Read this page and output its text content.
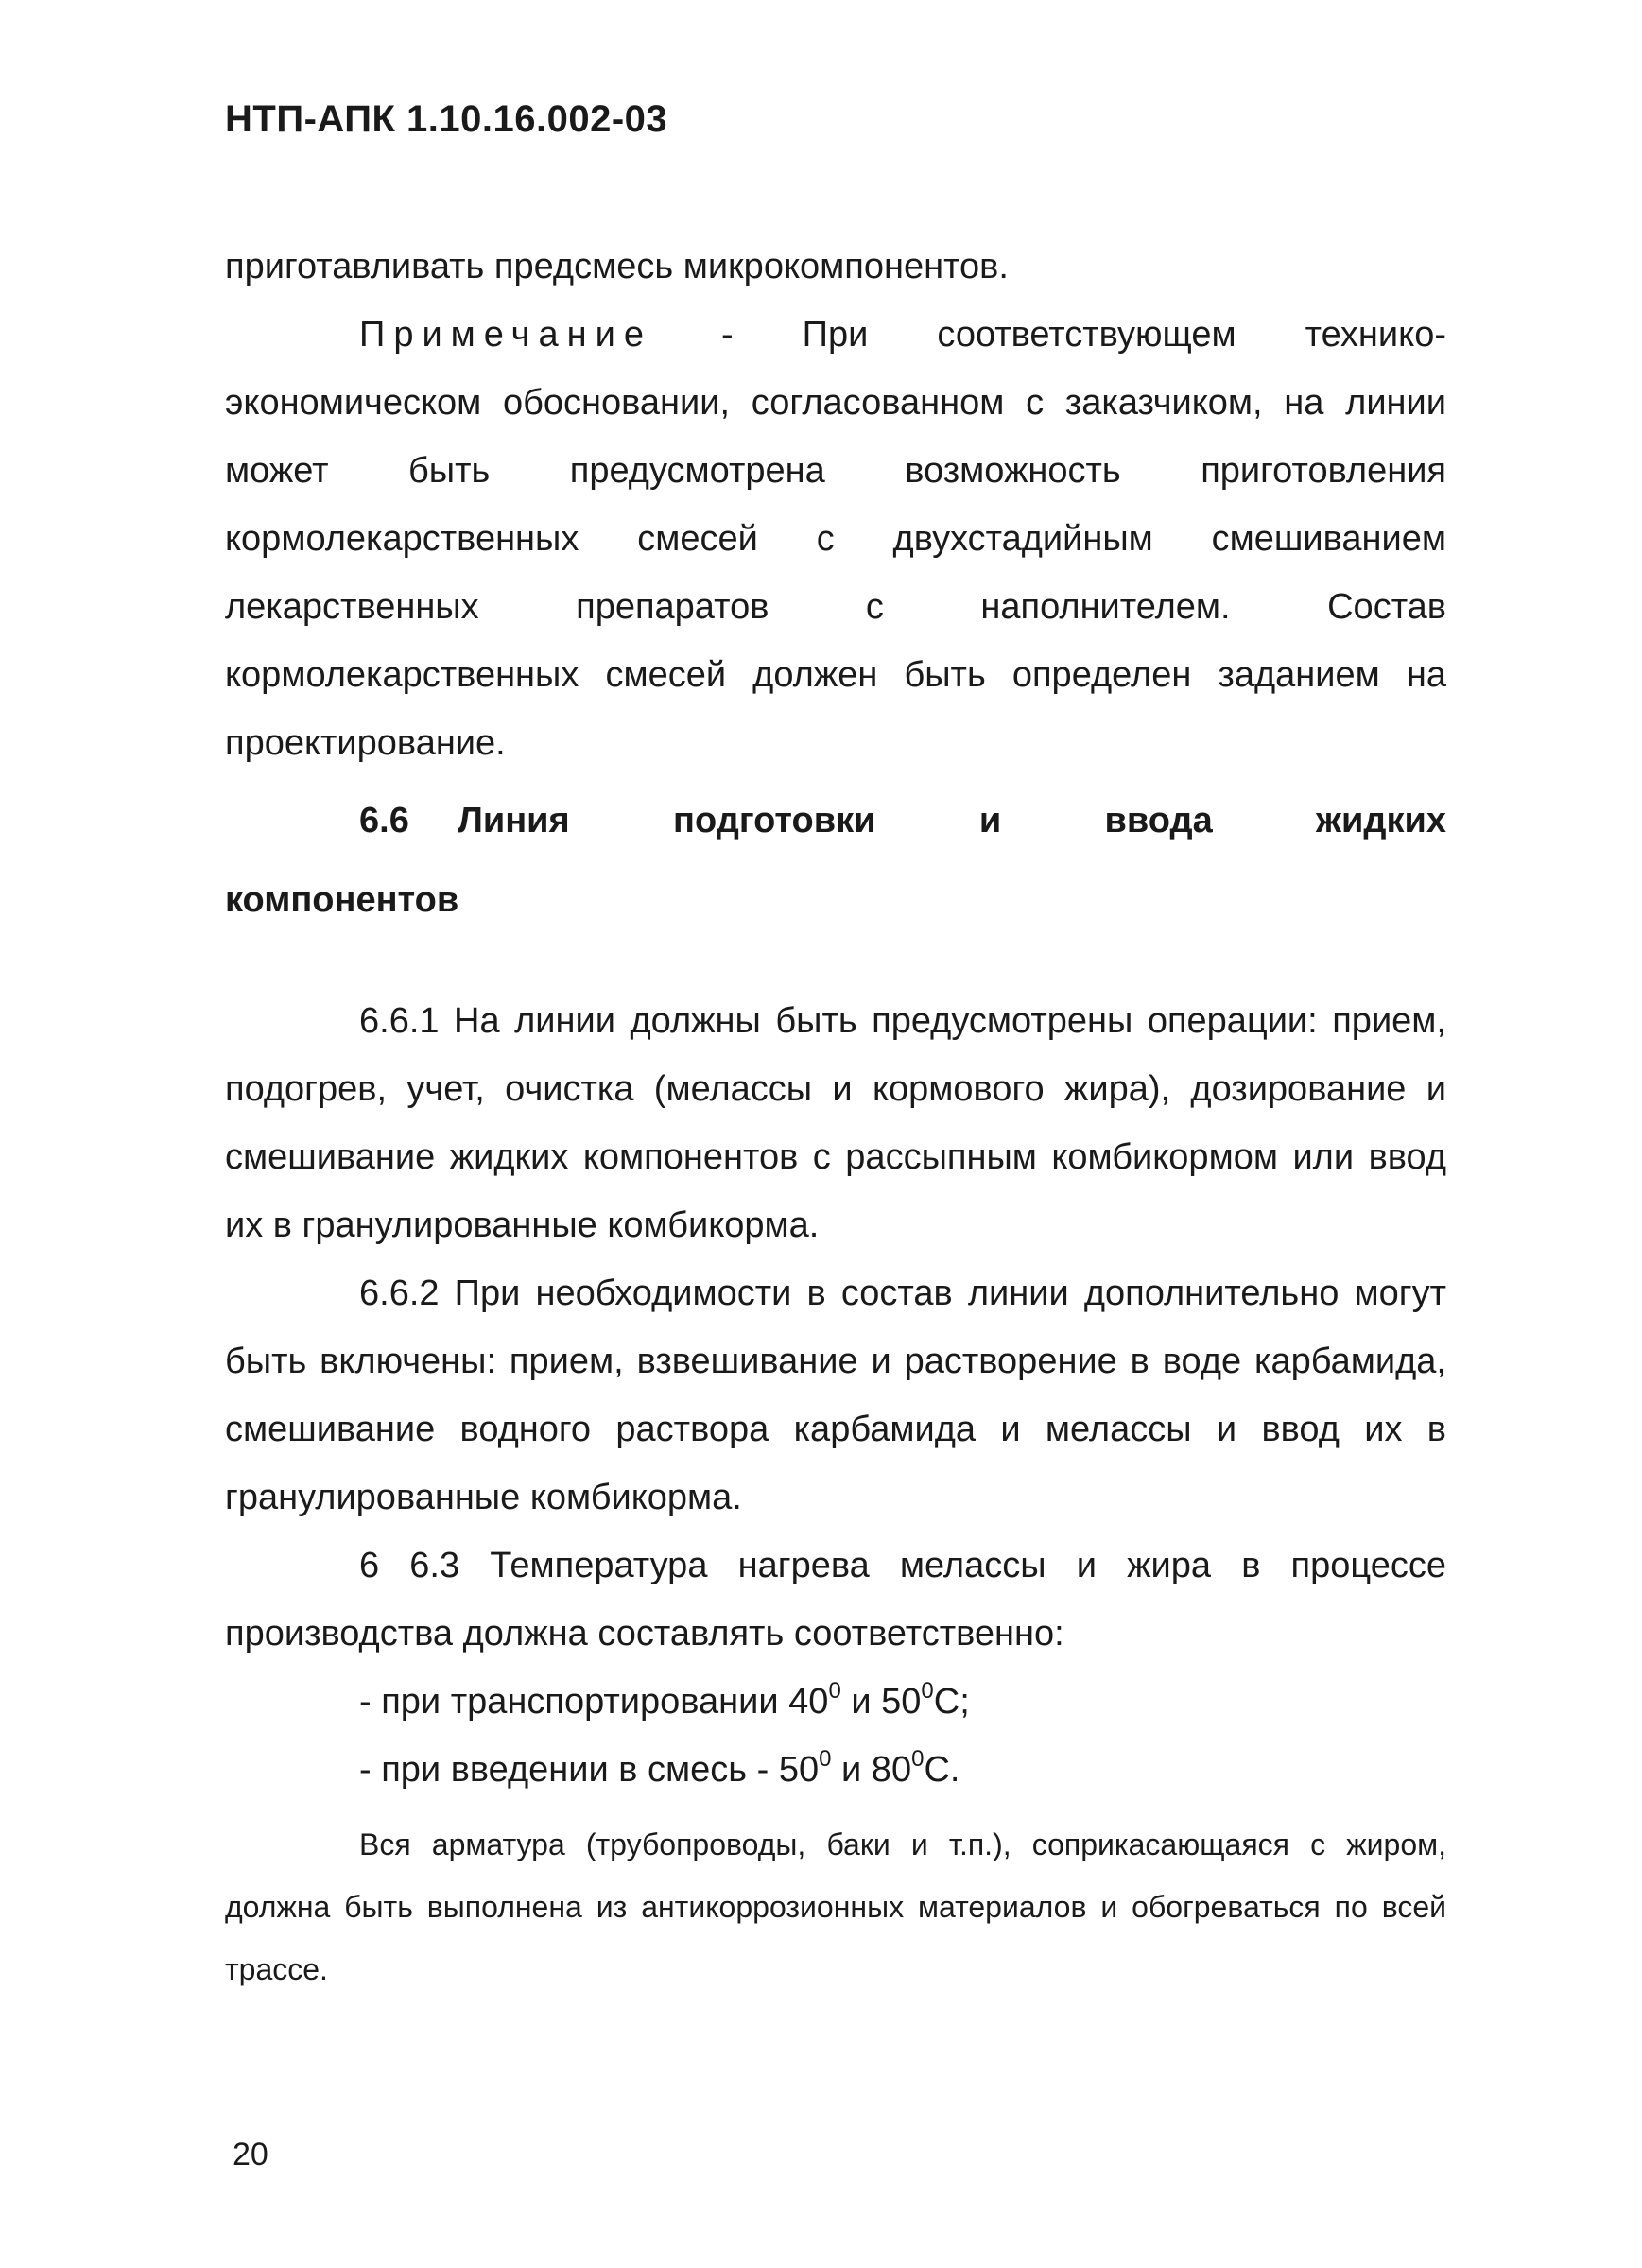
НТП-АПК 1.10.16.002-03
приготавливать предсмесь микрокомпонентов.
Примечание - При соответствующем технико-экономическом обосновании, согласованном с заказчиком, на линии может быть предусмотрена возможность приготовления кормолекарственных смесей с двухстадийным смешиванием лекарственных препаратов с наполнителем. Состав кормолекарственных смесей должен быть определен заданием на проектирование.
6.6 Линия подготовки и ввода жидких компонентов
6.6.1 На линии должны быть предусмотрены операции: прием, подогрев, учет, очистка (мелассы и кормового жира), дозирование и смешивание жидких компонентов с рассыпным комбикормом или ввод их в гранулированные комбикорма.
6.6.2 При необходимости в состав линии дополнительно могут быть включены: прием, взвешивание и растворение в воде карбамида, смешивание водного раствора карбамида и мелассы и ввод их в гранулированные комбикорма.
6 6.3 Температура нагрева мелассы и жира в процессе производства должна составлять соответственно:
- при транспортировании $40^0$ и $50^0С$;
- при введении в смесь - $50^0$ и $80^0С$.
Вся арматура (трубопроводы, баки и т.п.), соприкасающаяся с жиром, должна быть выполнена из антикоррозионных материалов и обогреваться по всей трассе.
20
